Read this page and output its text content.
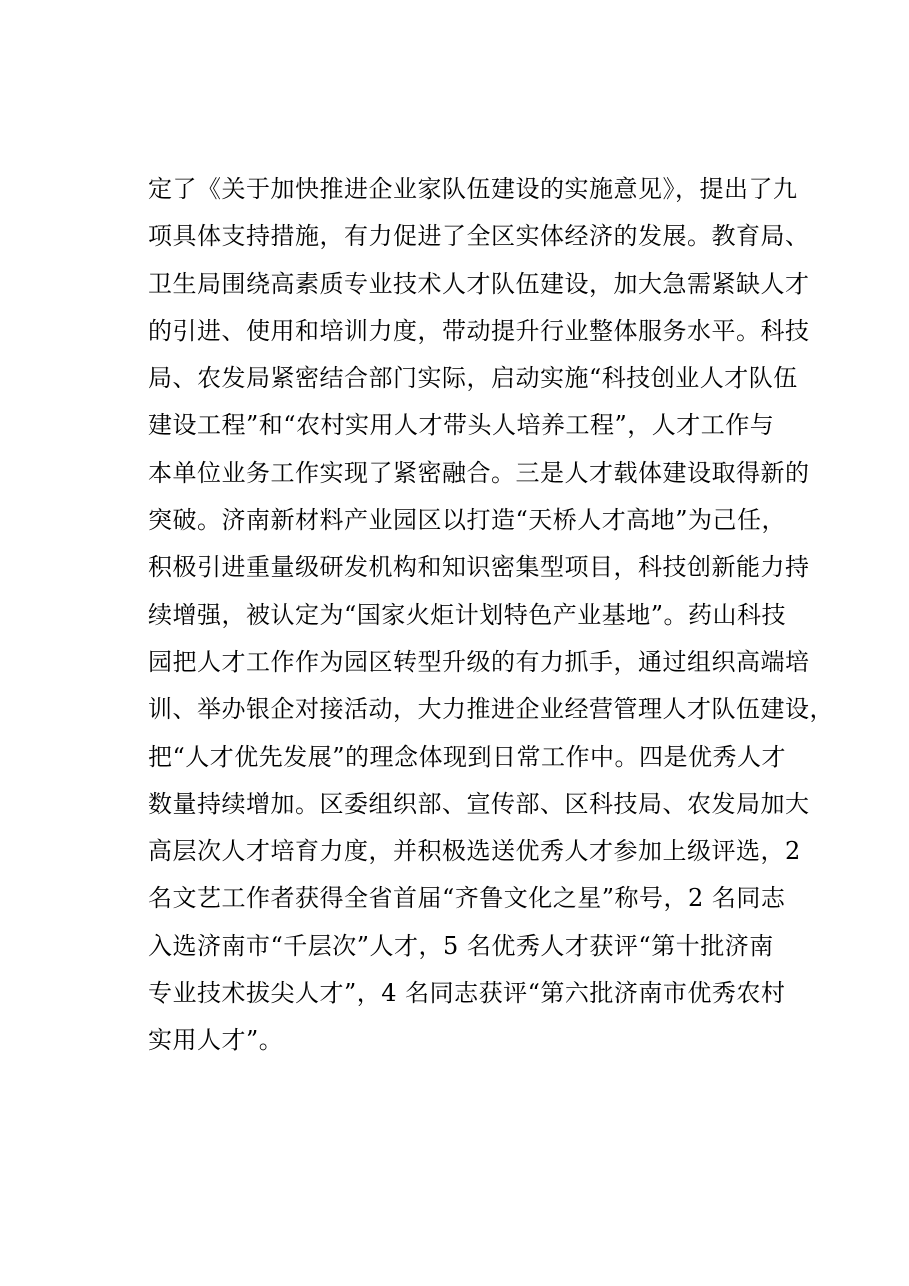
定了《关于加快推进企业家队伍建设的实施意见》，提出了九
项具体支持措施，有力促进了全区实体经济的发展。教育局、
卫生局围绕高素质专业技术人才队伍建设，加大急需紧缺人才
的引进、使用和培训力度，带动提升行业整体服务水平。科技
局、农发局紧密结合部门实际，启动实施“科技创业人才队伍
建设工程”和“农村实用人才带头人培养工程”，人才工作与
本单位业务工作实现了紧密融合。三是人才载体建设取得新的
突破。济南新材料产业园区以打造“天桥人才高地”为己任，
积极引进重量级研发机构和知识密集型项目，科技创新能力持
续增强，被认定为“国家火炬计划特色产业基地”。药山科技
园把人才工作作为园区转型升级的有力抓手，通过组织高端培
训、举办银企对接活动，大力推进企业经营管理人才队伍建设，
把“人才优先发展”的理念体现到日常工作中。四是优秀人才
数量持续增加。区委组织部、宣传部、区科技局、农发局加大
高层次人才培育力度，并积极选送优秀人才参加上级评选，2
名文艺工作者获得全省首届“齐鲁文化之星”称号，2 名同志
入选济南市“千层次”人才，5 名优秀人才获评“第十批济南
专业技术拔尖人才”，4 名同志获评“第六批济南市优秀农村
实用人才”。
